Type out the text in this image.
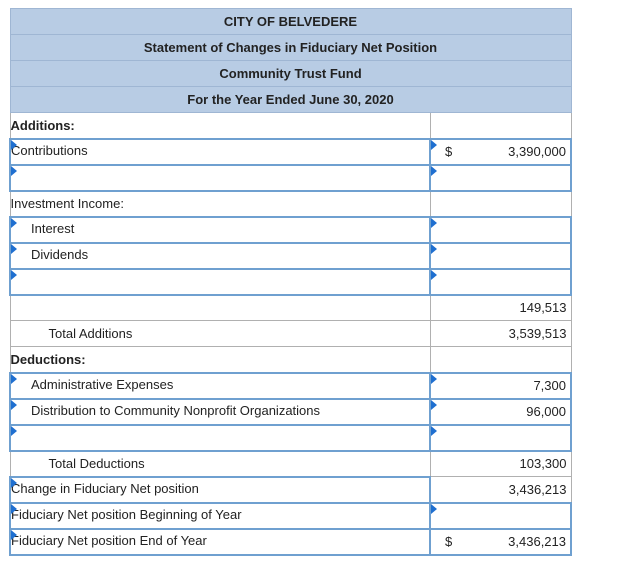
CITY OF BELVEDERE	
Statement of Changes in Fiduciary Net Position	
Community Trust Fund	
For the Year Ended June 30, 2020	
Additions:	

Contributions	$ 3,390,000

Investment Income:	

Interest	

Dividends	

	149,513
Total Additions	3,539,513
Deductions:	

Administrative Expenses	7,300

Distribution to Community Nonprofit Organizations	96,000

Total Deductions	103,300

Change in Fiduciary Net position	3,436,213

Fiduciary Net position Beginning of Year	

Fiduciary Net position End of Year	$ 3,436,213
